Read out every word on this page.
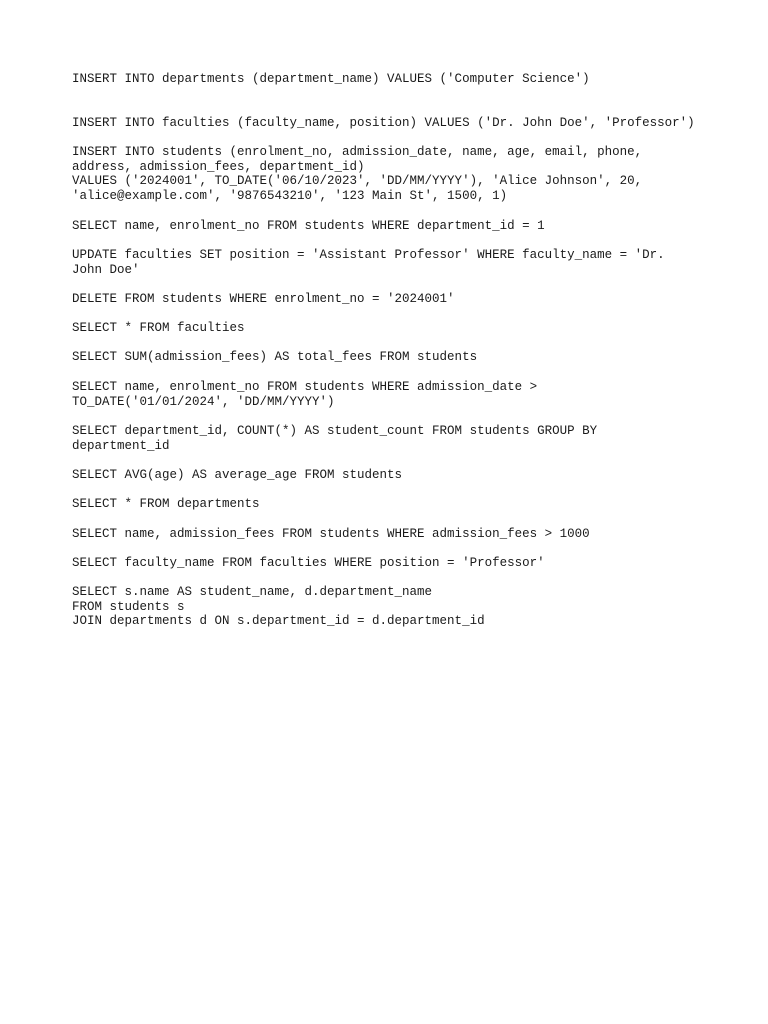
INSERT INTO departments (department_name) VALUES ('Computer Science')
INSERT INTO faculties (faculty_name, position) VALUES ('Dr. John Doe', 'Professor')
INSERT INTO students (enrolment_no, admission_date, name, age, email, phone,
address, admission_fees, department_id)
VALUES ('2024001', TO_DATE('06/10/2023', 'DD/MM/YYYY'), 'Alice Johnson', 20,
'alice@example.com', '9876543210', '123 Main St', 1500, 1)
SELECT name, enrolment_no FROM students WHERE department_id = 1
UPDATE faculties SET position = 'Assistant Professor' WHERE faculty_name = 'Dr.
John Doe'
DELETE FROM students WHERE enrolment_no = '2024001'
SELECT * FROM faculties
SELECT SUM(admission_fees) AS total_fees FROM students
SELECT name, enrolment_no FROM students WHERE admission_date >
TO_DATE('01/01/2024', 'DD/MM/YYYY')
SELECT department_id, COUNT(*) AS student_count FROM students GROUP BY
department_id
SELECT AVG(age) AS average_age FROM students
SELECT * FROM departments
SELECT name, admission_fees FROM students WHERE admission_fees > 1000
SELECT faculty_name FROM faculties WHERE position = 'Professor'
SELECT s.name AS student_name, d.department_name
FROM students s
JOIN departments d ON s.department_id = d.department_id
